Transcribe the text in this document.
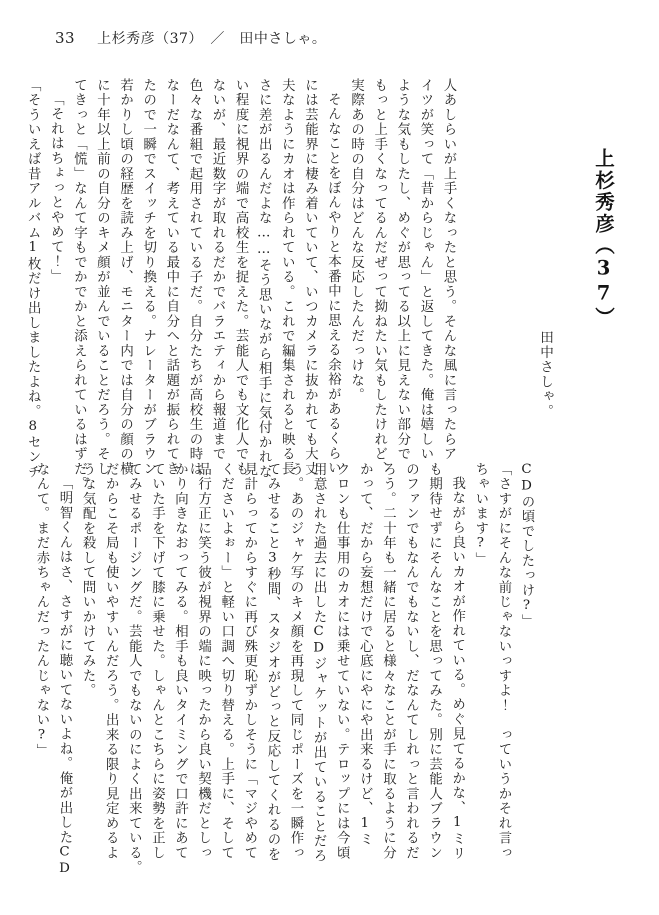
33 上杉秀彦（37）　／　田中さしゃ。
上杉秀彦（37）
田中さしゃ。
人あしらいが上手くなったと思う。そんな風に言ったらア
イツが笑って「昔からじゃん」と返してきた。俺は嬉しい
ような気もしたし、めぐが思ってる以上に見えない部分で
もっと上手くなってるんだぜって拗ねたい気もしたけれど、
実際あの時の自分はどんな反応したんだっけな。
そんなことをぼんやりと本番中に思える余裕があるくらい
には芸能界に棲み着いていて、いつカメラに抜かれても大丈
夫なようにカオは作られている。これで編集されると映る長
さに差が出るんだよな……そう思いながら相手に気付かれな
い程度に視界の端で高校生を捉えた。芸能人でも文化人でも
ないが、最近数字が取れるだかでバラエティから報道まで
色々な番組で起用されている子だ。自分たちが高校生の時は
なーだなんて、考えている最中に自分へと話題が振られてき
たので一瞬でスイッチを切り換える。ナレーターがブラウン
若かりし頃の経歴を読み上げ、モニター内では自分の顔の横
に十年以上前の自分のキメ顔が並んでいることだろう。そし
てきっと「慌」なんて字もでかでかと添えられているはずだ。
「それはちょっとやめて！」
「そういえば昔アルバム1枚だけ出しましたよね。8センチ
CDの頃でしたっけ?」
「さすがにそんな前じゃないっすよ！　っていうかそれ言っ
ちゃいます?」
我ながら良いカオが作れている。めぐ見てるかな、1ミリ
も期待せずにそんなことを思ってみた。別に芸能人ブラウン
のファンでもなんでもないし、だなんてしれっと言われるだ
ろう。二十年も一緒に居ると様々なことが手に取るように分
かって、だから妄想だけで心底にやにや出来るけど、1ミ
クロンも仕事用のカオには乗せていない。テロップには今頃
用意された過去に出したCDジャケットが出ていることだろ
う。あのジャケ写のキメ顔を再現して同じポーズを一瞬作っ
てみせること3秒間、スタジオがどっと反応してくれるのを
見計らってからすぐに再び殊更恥ずかしそうに「マジやめて
くださいよぉー」と軽い口調へ切り替える。上手に、そして
品行方正に笑う彼が視界の端に映ったから良い契機だとしっ
かり向きなおってみる。相手も良いタイミングで口許にあて
ていた手を下げて膝に乗せた。しゃんとこちらに姿勢を正し
てみせるポージングだ。芸能人でもないのによく出来ている。
だからこそ局も使いやすいんだろう。出来る限り見定めるよ
うな気配を殺して問いかけてみた。
「明智くんはさ、さすがに聴いてないよね。俺が出したCD
なんて。まだ赤ちゃんだったんじゃない?」
